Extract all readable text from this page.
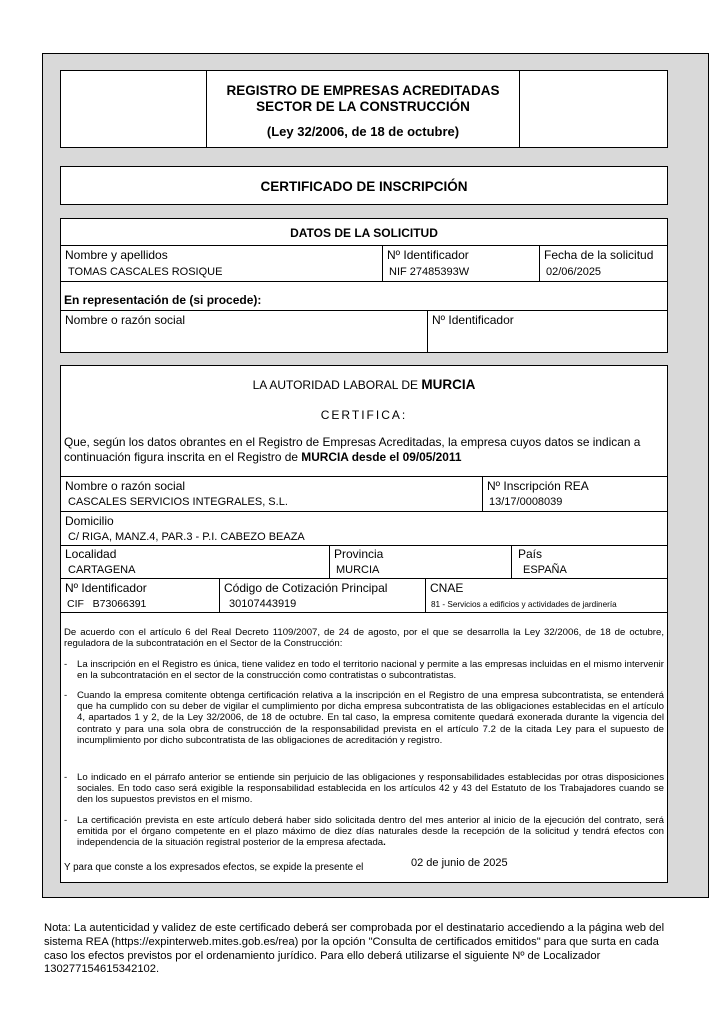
REGISTRO DE EMPRESAS ACREDITADAS
SECTOR DE LA CONSTRUCCIÓN
(Ley 32/2006, de 18 de octubre)
CERTIFICADO DE INSCRIPCIÓN
DATOS DE LA SOLICITUD
Nombre y apellidos
TOMAS CASCALES ROSIQUE
Nº Identificador
NIF 27485393W
Fecha de la solicitud
02/06/2025
En representación de (si procede):
Nombre o razón social	Nº Identificador
LA AUTORIDAD LABORAL DE MURCIA
CERTIFICA:
Que, según los datos obrantes en el Registro de Empresas Acreditadas, la empresa cuyos datos se indican a
continuación figura inscrita en el Registro de MURCIA desde el 09/05/2011
Nombre o razón social
CASCALES SERVICIOS INTEGRALES, S.L.
Nº Inscripción REA
13/17/0008039
Domicilio
C/ RIGA, MANZ.4, PAR.3 - P.I. CABEZO BEAZA
Localidad
CARTAGENA
Provincia
MURCIA
País
ESPAÑA
Nº Identificador
CIF   B73066391
Código de Cotización Principal
30107443919
CNAE
81 - Servicios a edificios y actividades de jardinería
De acuerdo con el artículo 6 del Real Decreto 1109/2007, de 24 de agosto, por el que se desarrolla la Ley 32/2006, de 18 de octubre, reguladora de la subcontratación en el Sector de la Construcción:
- La inscripción en el Registro es única, tiene validez en todo el territorio nacional y permite a las empresas incluidas en el mismo intervenir en la subcontratación en el sector de la construcción como contratistas o subcontratistas.
- Cuando la empresa comitente obtenga certificación relativa a la inscripción en el Registro de una empresa subcontratista, se entenderá que ha cumplido con su deber de vigilar el cumplimiento por dicha empresa subcontratista de las obligaciones establecidas en el artículo 4, apartados 1 y 2, de la Ley 32/2006, de 18 de octubre. En tal caso, la empresa comitente quedará exonerada durante la vigencia del contrato y para una sola obra de construcción de la responsabilidad prevista en el artículo 7.2 de la citada Ley para el supuesto de incumplimiento por dicho subcontratista de las obligaciones de acreditación y registro.
- Lo indicado en el párrafo anterior se entiende sin perjuicio de las obligaciones y responsabilidades establecidas por otras disposiciones sociales. En todo caso será exigible la responsabilidad establecida en los artículos 42 y 43 del Estatuto de los Trabajadores cuando se den los supuestos previstos en el mismo.
- La certificación prevista en este artículo deberá haber sido solicitada dentro del mes anterior al inicio de la ejecución del contrato, será emitida por el órgano competente en el plazo máximo de diez días naturales desde la recepción de la solicitud y tendrá efectos con independencia de la situación registral posterior de la empresa afectada.
Y para que conste a los expresados efectos, se expide la presente el	02 de junio de 2025
Nota: La autenticidad y validez de este certificado deberá ser comprobada por el destinatario accediendo a la página web del sistema REA (https://expinterweb.mites.gob.es/rea) por la opción "Consulta de certificados emitidos" para que surta en cada caso los efectos previstos por el ordenamiento jurídico. Para ello deberá utilizarse el siguiente Nº de Localizador 130277154615342102.
